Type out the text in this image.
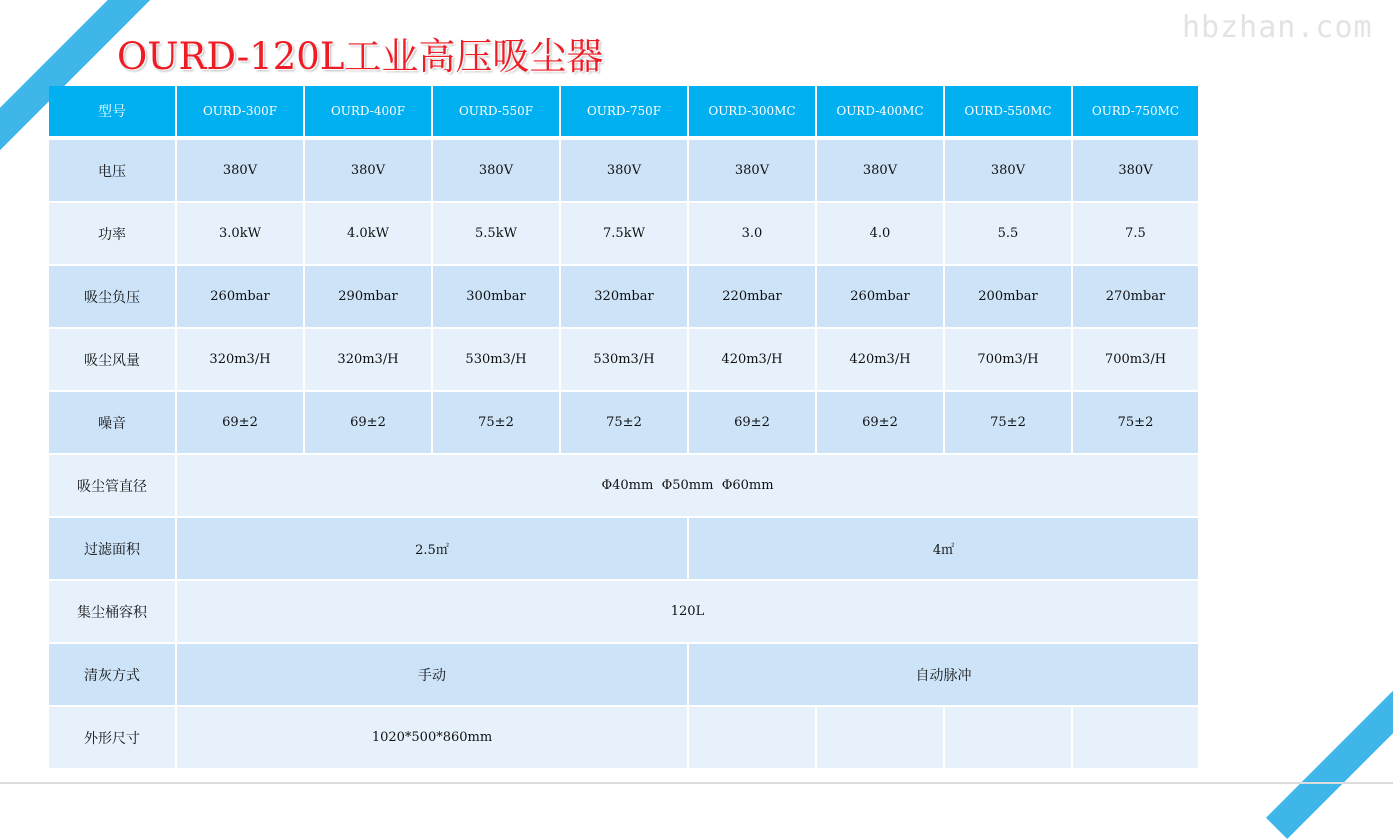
hbzhan.com
OURD-120L工业高压吸尘器
型号	OURD-300F	OURD-400F	OURD-550F	OURD-750F	OURD-300MC	OURD-400MC	OURD-550MC	OURD-750MC
电压	380V	380V	380V	380V	380V	380V	380V	380V
功率	3.0kW	4.0kW	5.5kW	7.5kW	3.0	4.0	5.5	7.5
吸尘负压	260mbar	290mbar	300mbar	320mbar	220mbar	260mbar	200mbar	270mbar
吸尘风量	320m3/H	320m3/H	530m3/H	530m3/H	420m3/H	420m3/H	700m3/H	700m3/H
噪音	69±2	69±2	75±2	75±2	69±2	69±2	75±2	75±2
吸尘管直径	Φ40mm  Φ50mm  Φ60mm							
过滤面积	2.5㎡				4㎡			
集尘桶容积	120L							
清灰方式	手动				自动脉冲			
外形尺寸	1020*500*860mm							
